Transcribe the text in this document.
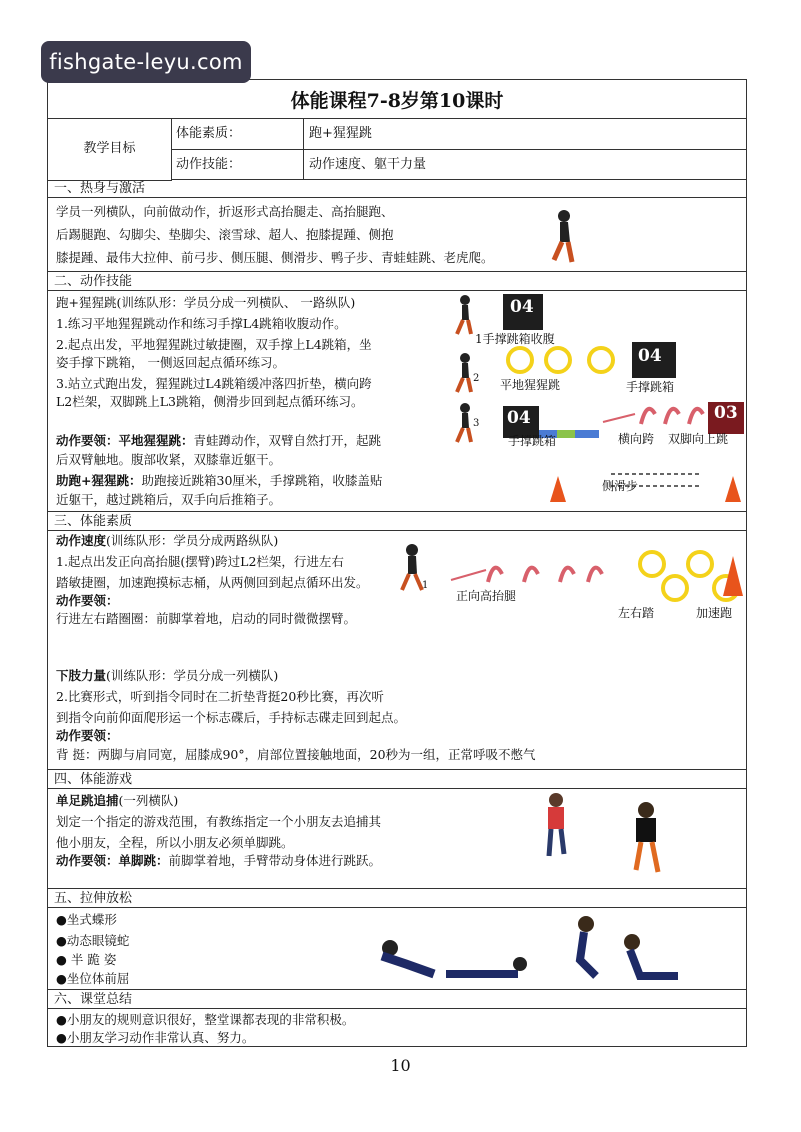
fishgate-leyu.com
体能课程7-8岁第10课时
教学目标
体能素质：	跑+猩猩跳
动作技能：	动作速度、躯干力量
一、热身与激活
学员一列横队，向前做动作，折返形式高抬腿走、高抬腿跑、
后踢腿跑、勾脚尖、垫脚尖、滚雪球、超人、抱膝提踵、侧抱
膝提踵、最伟大拉伸、前弓步、侧压腿、侧滑步、鸭子步、青蛙蛙跳、老虎爬。
二、动作技能
跑+猩猩跳(训练队形：学员分成一列横队、 一路纵队)
1.练习平地猩猩跳动作和练习手撑L4跳箱收腹动作。
2.起点出发，平地猩猩跳过敏捷圈，双手撑上L4跳箱，坐
姿手撑下跳箱， 一侧返回起点循环练习。
3.站立式跑出发，猩猩跳过L4跳箱缓冲落四折垫，横向跨
L2栏架，双脚跳上L3跳箱，侧滑步回到起点循环练习。
动作要领：平地猩猩跳：青蛙蹲动作，双臂自然打开，起跳
后双臂触地。腹部收紧，双膝靠近躯干。
助跑+猩猩跳：助跑接近跳箱30厘米，手撑跳箱，收膝盖贴
近躯干，越过跳箱后，双手向后推箱子。
04
1手撑跳箱收腹
2 平地猩猩跳
04
手撑跳箱
3 04
手撑跳箱	横向跨 双脚向上跳
03
侧滑步
三、体能素质
动作速度(训练队形：学员分成两路纵队)
1.起点出发正向高抬腿(摆臂)跨过L2栏架，行进左右
踏敏捷圈，加速跑摸标志桶，从两侧回到起点循环出发。
动作要领：
行进左右踏圈圈：前脚掌着地，启动的同时微微摆臂。
1
正向高抬腿
左右踏	加速跑
下肢力量(训练队形：学员分成一列横队)
2.比赛形式，听到指令同时在二折垫背挺20秒比赛，再次听
到指令向前仰面爬形运一个标志碟后，手持标志碟走回到起点。
动作要领：
背 挺：两脚与肩同宽，屈膝成90°，肩部位置接触地面，20秒为一组，正常呼吸不憋气
四、体能游戏
单足跳追捕(一列横队)
划定一个指定的游戏范围，有教练指定一个小朋友去追捕其
他小朋友，全程，所以小朋友必须单脚跳。
动作要领：单脚跳：前脚掌着地，手臂带动身体进行跳跃。
五、拉伸放松
●坐式蝶形
●动态眼镜蛇
● 半 跪 姿
●坐位体前屈
六、课堂总结
●小朋友的规则意识很好，整堂课都表现的非常积极。
●小朋友学习动作非常认真、努力。
10
